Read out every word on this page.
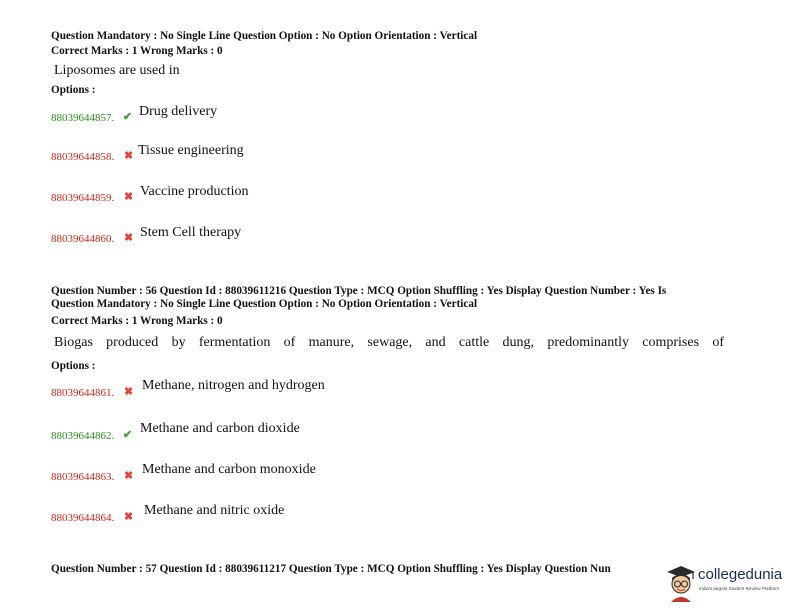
Question Mandatory : No Single Line Question Option : No Option Orientation : Vertical
Correct Marks : 1 Wrong Marks : 0
Liposomes are used in
Options :
88039644857. ✔ Drug delivery
88039644858. ✖ Tissue engineering
88039644859. ✖ Vaccine production
88039644860. ✖ Stem Cell therapy
Question Number : 56 Question Id : 88039611216 Question Type : MCQ Option Shuffling : Yes Display Question Number : Yes Is
Question Mandatory : No Single Line Question Option : No Option Orientation : Vertical
Correct Marks : 1 Wrong Marks : 0
Biogas produced by fermentation of manure, sewage, and cattle dung, predominantly comprises of
Options :
88039644861. ✖ Methane, nitrogen and hydrogen
88039644862. ✔ Methane and carbon dioxide
88039644863. ✖ Methane and carbon monoxide
88039644864. ✖ Methane and nitric oxide
Question Number : 57 Question Id : 88039611217 Question Type : MCQ Option Shuffling : Yes Display Question Nun	collegedunia
India's largest Student Review Platform
